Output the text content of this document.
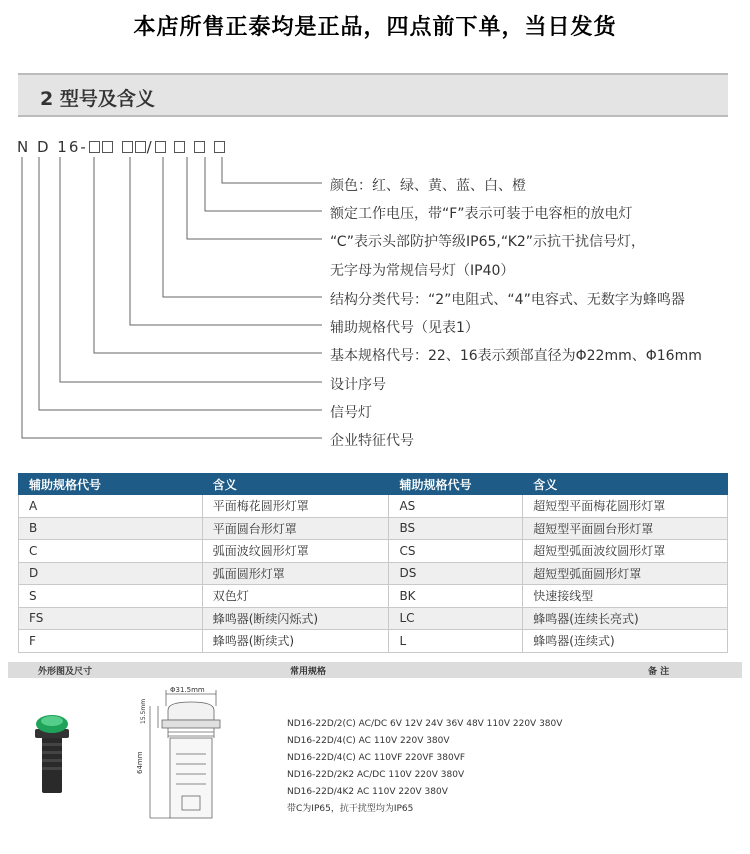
本店所售正泰均是正品，四点前下单，当日发货
2 型号及含义
N D 16-	/
颜色：红、绿、黄、蓝、白、橙
额定工作电压，带“F”表示可装于电容柜的放电灯
“C”表示头部防护等级IP65,“K2”示抗干扰信号灯，
无字母为常规信号灯（IP40）
结构分类代号：“2”电阻式、“4”电容式、无数字为蜂鸣器
辅助规格代号（见表1）
基本规格代号：22、16表示颈部直径为Φ22mm、Φ16mm
设计序号
信号灯
企业特征代号
辅助规格代号	含义	辅助规格代号	含义
A	平面梅花圆形灯罩	AS	超短型平面梅花圆形灯罩
B	平面圆台形灯罩	BS	超短型平面圆台形灯罩
C	弧面波纹圆形灯罩	CS	超短型弧面波纹圆形灯罩
D	弧面圆形灯罩	DS	超短型弧面圆形灯罩
S	双色灯	BK	快速接线型
FS	蜂鸣器(断续闪烁式)	LC	蜂鸣器(连续长亮式)
F	蜂鸣器(断续式)	L	蜂鸣器(连续式)
外形图及尺寸	常用规格	备 注
Φ31.5mm
15.5mm
64mm
ND16-22D/2(C) AC/DC 6V 12V 24V 36V 48V 110V 220V 380V
ND16-22D/4(C) AC 110V 220V 380V
ND16-22D/4(C) AC 110VF 220VF 380VF
ND16-22D/2K2 AC/DC 110V 220V 380V
ND16-22D/4K2 AC 110V 220V 380V
带C为IP65，抗干扰型均为IP65
